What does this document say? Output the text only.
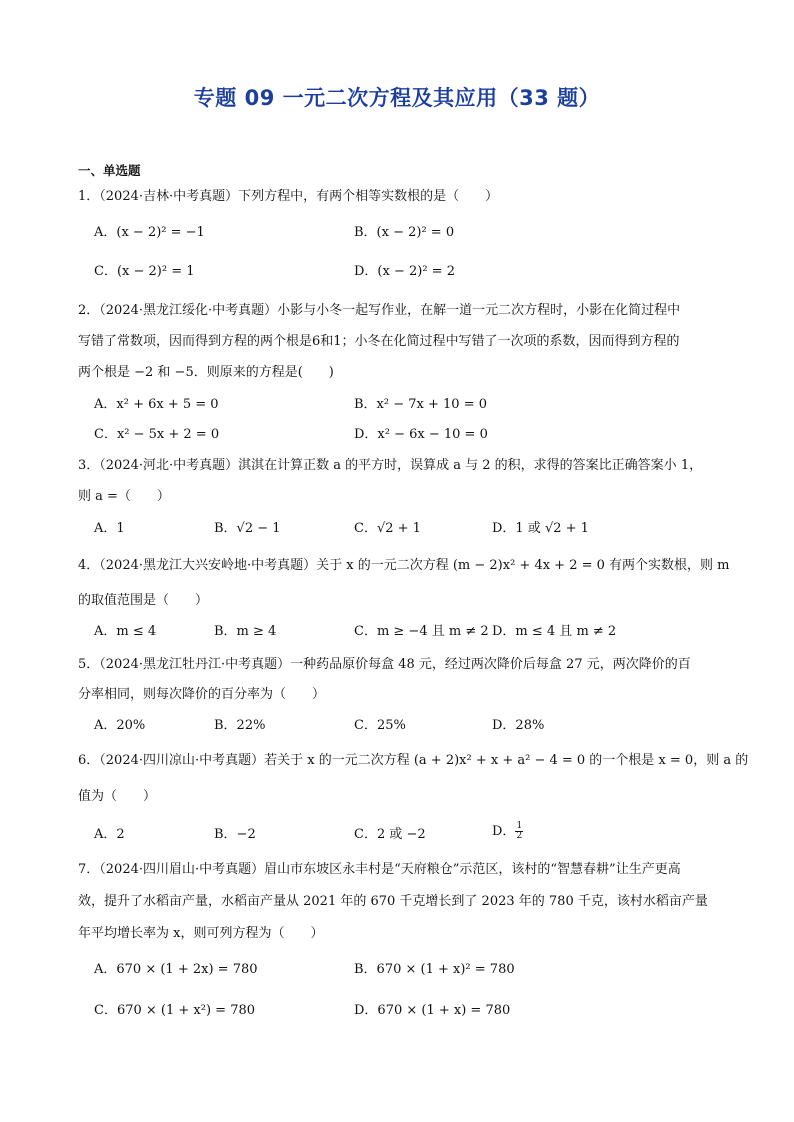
专题 09 一元二次方程及其应用（33 题）
一、单选题
1．（2024·吉林·中考真题）下列方程中，有两个相等实数根的是（　　）
A．(x − 2)² = −1	B．(x − 2)² = 0
C．(x − 2)² = 1	D．(x − 2)² = 2
2．（2024·黑龙江绥化·中考真题）小影与小冬一起写作业，在解一道一元二次方程时，小影在化简过程中
写错了常数项，因而得到方程的两个根是6和1；小冬在化简过程中写错了一次项的系数，因而得到方程的
两个根是 −2 和 −5．则原来的方程是(　　)
A．x² + 6x + 5 = 0	B．x² − 7x + 10 = 0
C．x² − 5x + 2 = 0	D．x² − 6x − 10 = 0
3．（2024·河北·中考真题）淇淇在计算正数 a 的平方时，误算成 a 与 2 的积，求得的答案比正确答案小 1，
则 a =（　　）
A．1	B．√2 − 1	C．√2 + 1	D．1 或 √2 + 1
4．（2024·黑龙江大兴安岭地·中考真题）关于 x 的一元二次方程 (m − 2)x² + 4x + 2 = 0 有两个实数根，则 m
的取值范围是（　　）
A．m ≤ 4	B．m ≥ 4	C．m ≥ −4 且 m ≠ 2 D．m ≤ 4 且 m ≠ 2
5．（2024·黑龙江牡丹江·中考真题）一种药品原价每盒 48 元，经过两次降价后每盒 27 元，两次降价的百
分率相同，则每次降价的百分率为（　　）
A．20%	B．22%	C．25%	D．28%
6．（2024·四川凉山·中考真题）若关于 x 的一元二次方程 (a + 2)x² + x + a² − 4 = 0 的一个根是 x = 0，则 a 的
值为（　　）
A．2	B．−2	C．2 或 −2	D． $\frac{1}{2}$
7．（2024·四川眉山·中考真题）眉山市东坡区永丰村是“天府粮仓”示范区，该村的“智慧春耕”让生产更高
效，提升了水稻亩产量，水稻亩产量从 2021 年的 670 千克增长到了 2023 年的 780 千克，该村水稻亩产量
年平均增长率为 x，则可列方程为（　　）
A．670 × (1 + 2x) = 780	B．670 × (1 + x)² = 780
C．670 × (1 + x²) = 780	D．670 × (1 + x) = 780
